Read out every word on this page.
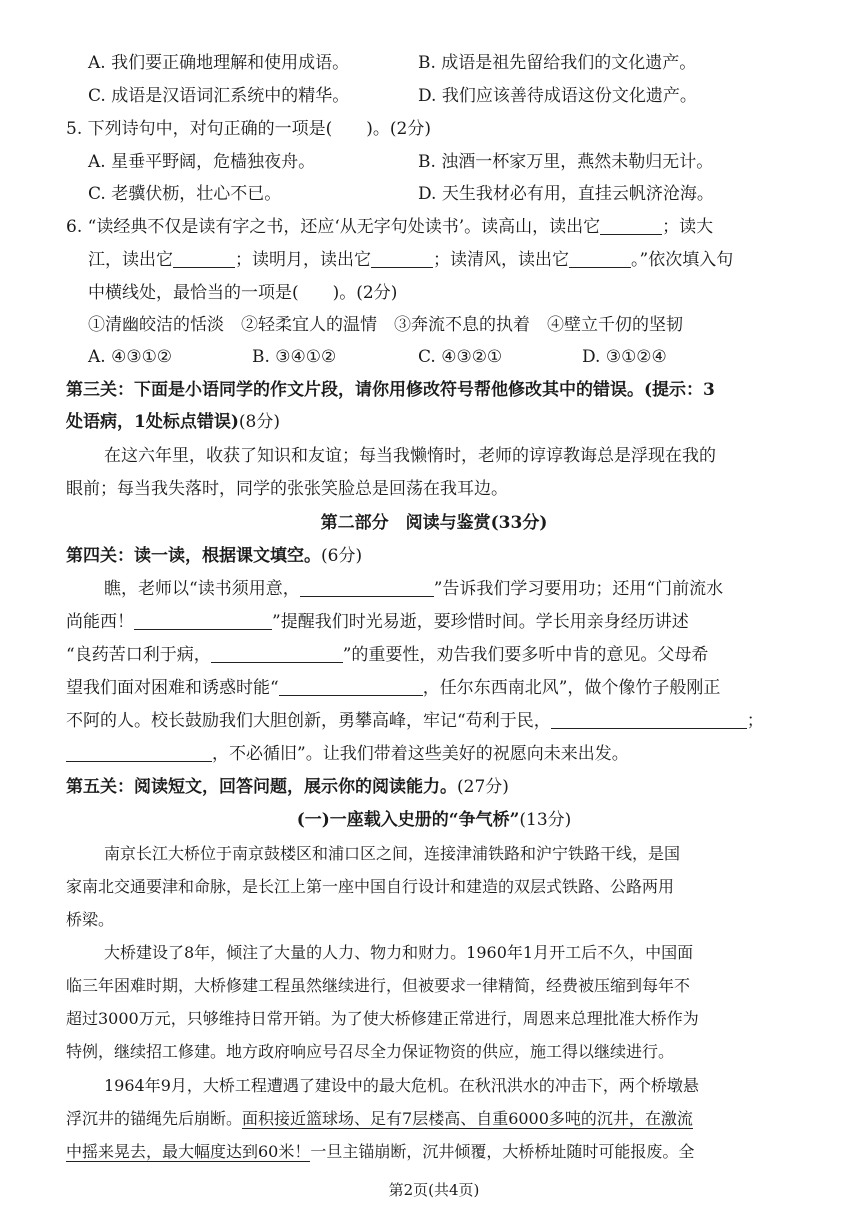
A. 我们要正确地理解和使用成语。	B. 成语是祖先留给我们的文化遗产。
C. 成语是汉语词汇系统中的精华。	D. 我们应该善待成语这份文化遗产。
5. 下列诗句中，对句正确的一项是(　　)。(2分)
A. 星垂平野阔，危樯独夜舟。	B. 浊酒一杯家万里，燕然未勒归无计。
C. 老骥伏枥，壮心不已。	D. 天生我材必有用，直挂云帆济沧海。
6. “读经典不仅是读有字之书，还应‘从无字句处读书’。读高山，读出它	；读大
江，读出它	；读明月，读出它	；读清风，读出它	。”依次填入句
中横线处，最恰当的一项是(　　)。(2分)
①清幽皎洁的恬淡　②轻柔宜人的温情　③奔流不息的执着　④壁立千仞的坚韧
A. ④③①②	B. ③④①②	C. ④③②①	D. ③①②④
第三关：下面是小语同学的作文片段，请你用修改符号帮他修改其中的错误。(提示：3
处语病，1处标点错误)(8分)
在这六年里，收获了知识和友谊；每当我懒惰时，老师的谆谆教诲总是浮现在我的
眼前；每当我失落时，同学的张张笑脸总是回荡在我耳边。
第二部分　阅读与鉴赏(33分)
第四关：读一读，根据课文填空。(6分)
瞧，老师以“读书须用意，	”告诉我们学习要用功；还用“门前流水
尚能西！	”提醒我们时光易逝，要珍惜时间。学长用亲身经历讲述
“良药苦口利于病，	”的重要性，劝告我们要多听中肯的意见。父母希
望我们面对困难和诱惑时能“	，任尔东西南北风”，做个像竹子般刚正
不阿的人。校长鼓励我们大胆创新，勇攀高峰，牢记“苟利于民，	；
，不必循旧”。让我们带着这些美好的祝愿向未来出发。
第五关：阅读短文，回答问题，展示你的阅读能力。(27分)
(一)一座载入史册的“争气桥”(13分)
南京长江大桥位于南京鼓楼区和浦口区之间，连接津浦铁路和沪宁铁路干线，是国
家南北交通要津和命脉，是长江上第一座中国自行设计和建造的双层式铁路、公路两用
桥梁。
大桥建设了8年，倾注了大量的人力、物力和财力。1960年1月开工后不久，中国面
临三年困难时期，大桥修建工程虽然继续进行，但被要求一律精简，经费被压缩到每年不
超过3000万元，只够维持日常开销。为了使大桥修建正常进行，周恩来总理批准大桥作为
特例，继续招工修建。地方政府响应号召尽全力保证物资的供应，施工得以继续进行。
1964年9月，大桥工程遭遇了建设中的最大危机。在秋汛洪水的冲击下，两个桥墩悬
浮沉井的锚绳先后崩断。面积接近篮球场、足有7层楼高、自重6000多吨的沉井，在激流
中摇来晃去，最大幅度达到60米！一旦主锚崩断，沉井倾覆，大桥桥址随时可能报废。全
第2页(共4页)
